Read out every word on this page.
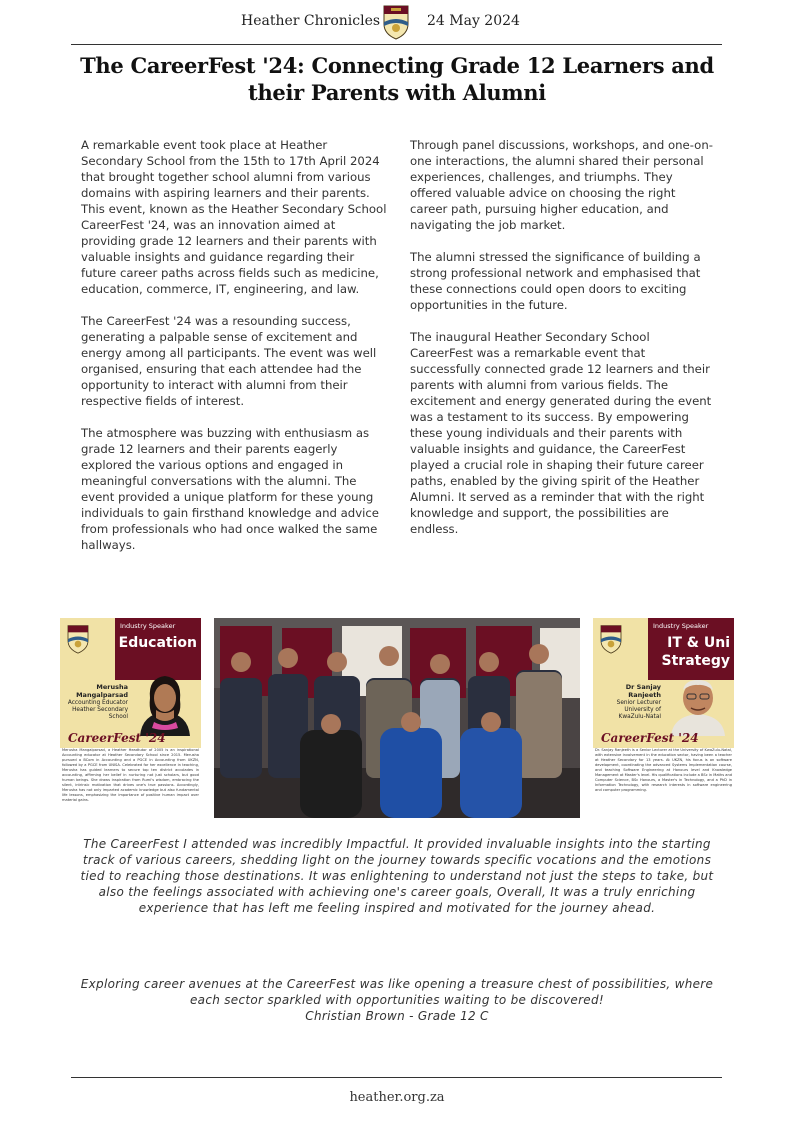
Heather Chronicles	24 May 2024
The CareerFest '24: Connecting Grade 12 Learners and their Parents with Alumni

A remarkable event took place at Heather Secondary School from the 15th to 17th April 2024 that brought together school alumni from various domains with aspiring learners and their parents. This event, known as the Heather Secondary School CareerFest '24, was an innovation aimed at providing grade 12 learners and their parents with valuable insights and guidance regarding their future career paths across fields such as medicine, education, commerce, IT, engineering, and law.

The CareerFest '24 was a resounding success, generating a palpable sense of excitement and energy among all participants. The event was well organised, ensuring that each attendee had the opportunity to interact with alumni from their respective fields of interest.

The atmosphere was buzzing with enthusiasm as grade 12 learners and their parents eagerly explored the various options and engaged in meaningful conversations with the alumni. The event provided a unique platform for these young individuals to gain firsthand knowledge and advice from professionals who had once walked the same hallways.

Through panel discussions, workshops, and one-on-one interactions, the alumni shared their personal experiences, challenges, and triumphs. They offered valuable advice on choosing the right career path, pursuing higher education, and navigating the job market.

The alumni stressed the significance of building a strong professional network and emphasised that these connections could open doors to exciting opportunities in the future.

The inaugural Heather Secondary School CareerFest was a remarkable event that successfully connected grade 12 learners and their parents with alumni from various fields. The excitement and energy generated during the event was a testament to its success. By empowering these young individuals and their parents with valuable insights and guidance, the CareerFest played a crucial role in shaping their future career paths, enabled by the giving spirit of the Heather Alumni. It served as a reminder that with the right knowledge and support, the possibilities are endless.

Industry Speaker
Education
Merusha Mangalparsad
Accounting Educator Heather Secondary School
CareerFest '24
Merusha Mangalparsad, a Heather Headtutor of 2005 is an inspirational Accounting educator at Heather Secondary School since 2015. Merusha pursued a BCom in Accounting and a PGCE in Accounting from UKZN, followed by a PGCE from UNISA. Celebrated for her excellence in teaching, Merusha has guided learners to secure top ten district accolades in accounting, affirming her belief in nurturing not just scholars, but good human beings. She draws inspiration from Rumi's wisdom, embracing the silent, intrinsic motivation that drives one's true passions. Accordingly, Merusha has not only imparted academic knowledge but also fundamental life lessons, emphasizing the importance of positive human impact over material gains.
Industry Speaker
IT & Uni Strategy
Dr Sanjay Ranjeeth
Senior Lecturer University of KwaZulu-Natal
CareerFest '24
Dr. Sanjay Ranjeeth is a Senior Lecturer at the University of KwaZulu-Natal, with extensive involvement in the education sector, having been a teacher at Heather Secondary for 13 years. At UKZN, his focus is on software development, coordinating the advanced Systems Implementation course, and teaching Software Engineering at Honours level and Knowledge Management at Master's level. His qualifications include a BSc in Maths and Computer Science, BSc Honours, a Master's in Technology, and a PhD in Information Technology, with research interests in software engineering and computer programming.

The CareerFest I attended was incredibly Impactful. It provided invaluable insights into the starting track of various careers, shedding light on the journey towards specific vocations and the emotions tied to reaching those destinations. It was enlightening to understand not just the steps to take, but also the feelings associated with achieving one's career goals, Overall, It was a truly enriching experience that has left me feeling inspired and motivated for the journey ahead.

Exploring career avenues at the CareerFest was like opening a treasure chest of possibilities, where each sector sparkled with opportunities waiting to be discovered!

Christian Brown - Grade 12 C

heather.org.za
